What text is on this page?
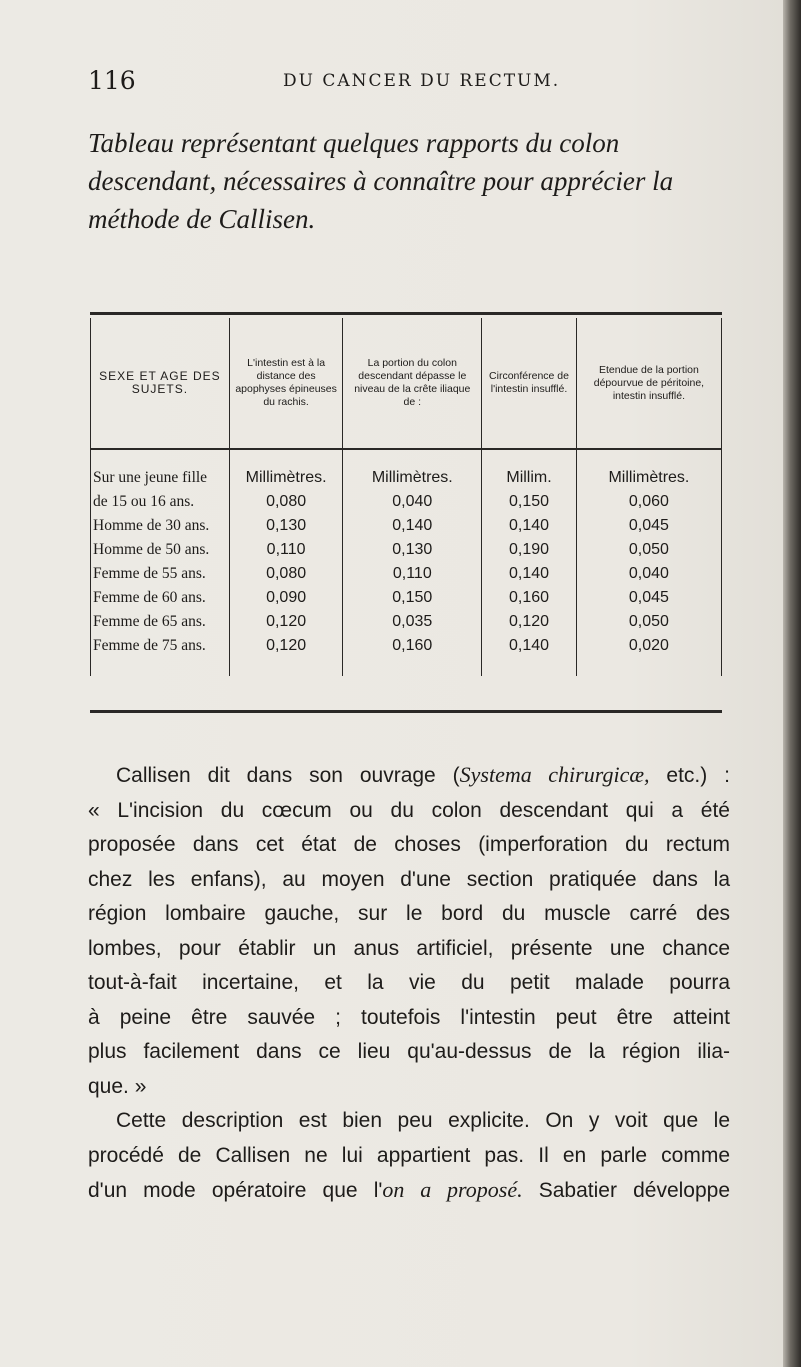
116	DU CANCER DU RECTUM.
Tableau représentant quelques rapports du colon descendant, nécessaires à connaître pour apprécier la méthode de Callisen.
SEXE ET AGE DES SUJETS.	L'intestin est à la distance des apophyses épineuses du rachis.	La portion du colon descendant dépasse le niveau de la crête iliaque de :	Circonférence de l'intestin insufflé.	Etendue de la portion dépourvue de péritoine, intestin insufflé.

Sur une jeune fille	Millimètres.	Millimètres.	Millim.	Millimètres.
de 15 ou 16 ans.	0,080	0,040	0,150	0,060
Homme de 30 ans.	0,130	0,140	0,140	0,045
Homme de 50 ans.	0,110	0,130	0,190	0,050
Femme de 55 ans.	0,080	0,110	0,140	0,040
Femme de 60 ans.	0,090	0,150	0,160	0,045
Femme de 65 ans.	0,120	0,035	0,120	0,050
Femme de 75 ans.	0,120	0,160	0,140	0,020
Callisen dit dans son ouvrage (Systema chirurgicæ, etc.) :
« L'incision du cœcum ou du colon descendant qui a été
proposée dans cet état de choses (imperforation du rectum
chez les enfans), au moyen d'une section pratiquée dans la
région lombaire gauche, sur le bord du muscle carré des
lombes, pour établir un anus artificiel, présente une chance
tout-à-fait incertaine, et la vie du petit malade pourra
à peine être sauvée ; toutefois l'intestin peut être atteint
plus facilement dans ce lieu qu'au-dessus de la région ilia-
que. »
Cette description est bien peu explicite. On y voit que le
procédé de Callisen ne lui appartient pas. Il en parle comme
d'un mode opératoire que l'on a proposé. Sabatier développe
